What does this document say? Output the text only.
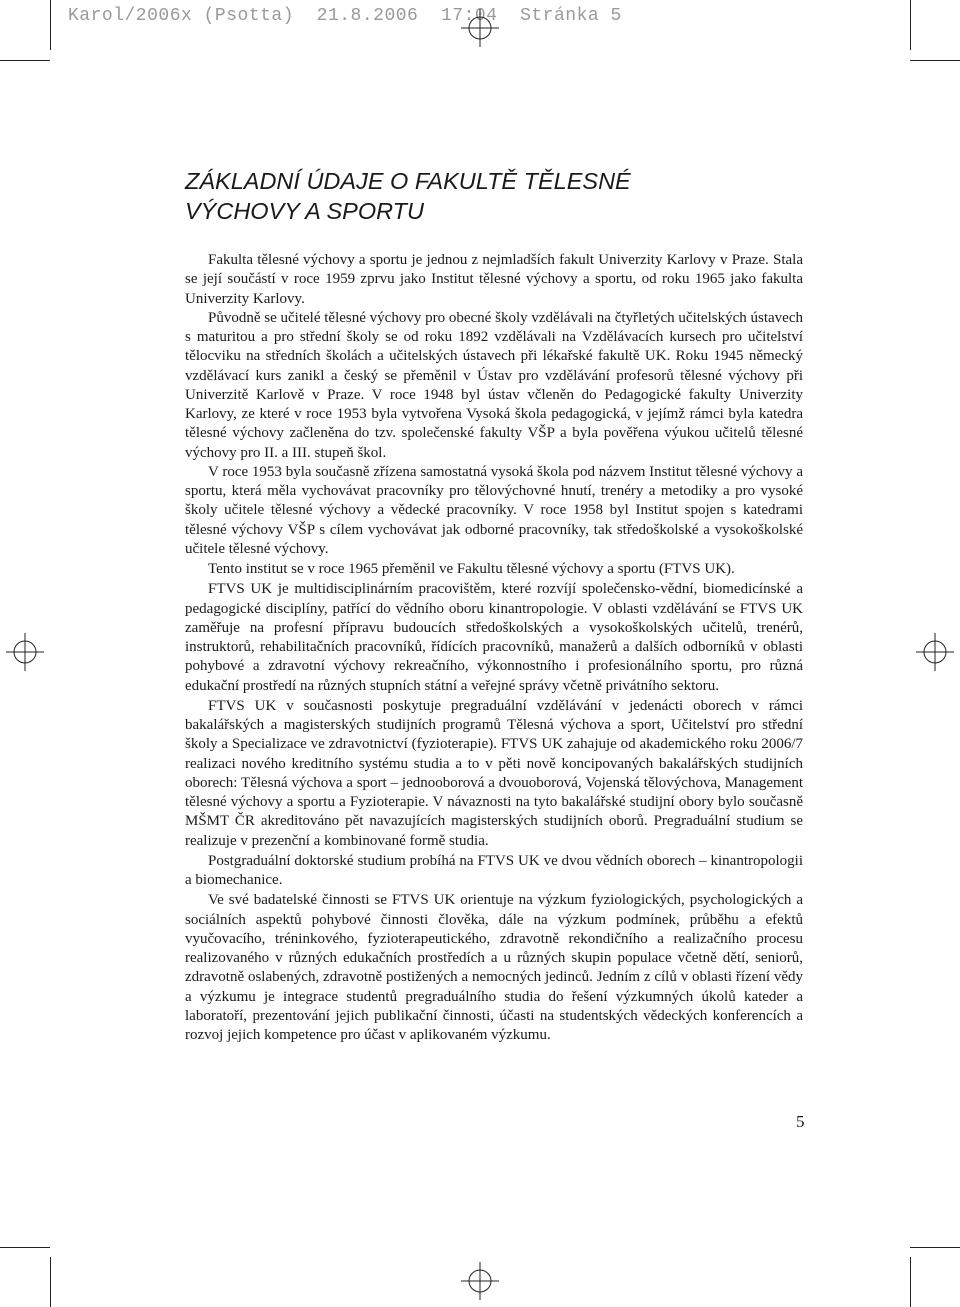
Karol/2006x (Psotta)  21.8.2006  17:04  Stránka 5
ZÁKLADNÍ ÚDAJE O FAKULTĚ TĚLESNÉ
VÝCHOVY A SPORTU

Fakulta tělesné výchovy a sportu je jednou z nejmladších fakult Univerzity Karlovy v Praze. Stala se její součástí v roce 1959 zprvu jako Institut tělesné výchovy a sportu, od roku 1965 jako fakulta Univerzity Karlovy.

Původně se učitelé tělesné výchovy pro obecné školy vzdělávali na čtyřletých učitelských ústavech s maturitou a pro střední školy se od roku 1892 vzdělávali na Vzdělávacích kursech pro učitelství tělocviku na středních školách a učitelských ústavech při lékařské fakultě UK. Roku 1945 německý vzdělávací kurs zanikl a český se přeměnil v Ústav pro vzdělávání profesorů tělesné výchovy při Univerzitě Karlově v Praze. V roce 1948 byl ústav včleněn do Pedagogické fakulty Univerzity Karlovy, ze které v roce 1953 byla vytvořena Vysoká škola pedagogická, v jejímž rámci byla katedra tělesné výchovy začleněna do tzv. společenské fakulty VŠP a byla pověřena výukou učitelů tělesné výchovy pro II. a III. stupeň škol.

V roce 1953 byla současně zřízena samostatná vysoká škola pod názvem Institut tělesné výchovy a sportu, která měla vychovávat pracovníky pro tělovýchovné hnutí, trenéry a metodiky a pro vysoké školy učitele tělesné výchovy a vědecké pracovníky. V roce 1958 byl Institut spojen s katedrami tělesné výchovy VŠP s cílem vychovávat jak odborné pracovníky, tak středoškolské a vysokoškolské učitele tělesné výchovy.

Tento institut se v roce 1965 přeměnil ve Fakultu tělesné výchovy a sportu (FTVS UK).

FTVS UK je multidisciplinárním pracovištěm, které rozvíjí společensko-vědní, biomedicínské a pedagogické disciplíny, patřící do vědního oboru kinantropologie. V oblasti vzdělávání se FTVS UK zaměřuje na profesní přípravu budoucích středoškolských a vysokoškolských učitelů, trenérů, instruktorů, rehabilitačních pracovníků, řídících pracovníků, manažerů a dalších odborníků v oblasti pohybové a zdravotní výchovy rekreačního, výkonnostního i profesionálního sportu, pro různá edukační prostředí na různých stupních státní a veřejné správy včetně privátního sektoru.

FTVS UK v současnosti poskytuje pregraduální vzdělávání v jedenácti oborech v rámci bakalářských a magisterských studijních programů Tělesná výchova a sport, Učitelství pro střední školy a Specializace ve zdravotnictví (fyzioterapie). FTVS UK zahajuje od akademického roku 2006/7 realizaci nového kreditního systému studia a to v pěti nově koncipovaných bakalářských studijních oborech: Tělesná výchova a sport – jednooborová a dvouoborová, Vojenská tělovýchova, Management tělesné výchovy a sportu a Fyzioterapie. V návaznosti na tyto bakalářské studijní obory bylo současně MŠMT ČR akreditováno pět navazujících magisterských studijních oborů. Pregraduální studium se realizuje v prezenční a kombinované formě studia.

Postgraduální doktorské studium probíhá na FTVS UK ve dvou vědních oborech – kinantropologii a biomechanice.

Ve své badatelské činnosti se FTVS UK orientuje na výzkum fyziologických, psychologických a sociálních aspektů pohybové činnosti člověka, dále na výzkum podmínek, průběhu a efektů vyučovacího, tréninkového, fyzioterapeutického, zdravotně rekondičního a realizačního procesu realizovaného v různých edukačních prostředích a u různých skupin populace včetně dětí, seniorů, zdravotně oslabených, zdravotně postižených a nemocných jedinců. Jedním z cílů v oblasti řízení vědy a výzkumu je integrace studentů pregraduálního studia do řešení výzkumných úkolů kateder a laboratoří, prezentování jejich publikační činnosti, účasti na studentských vědeckých konferencích a rozvoj jejich kompetence pro účast v aplikovaném výzkumu.

5
